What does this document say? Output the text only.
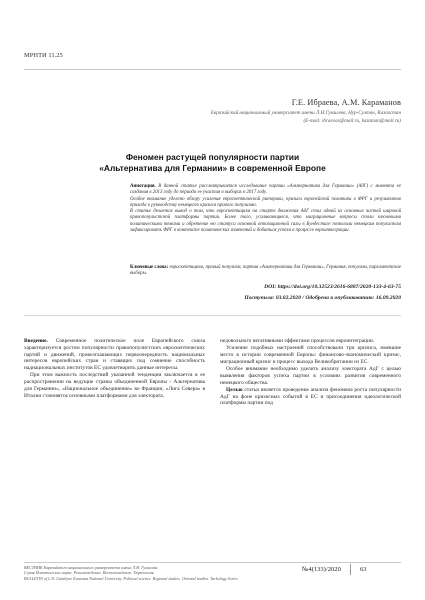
МРНТИ 11.25
Г.Е. Ибраева, А.М. Караманов
Евразийский национальный университет имени Л.Н.Гумилева, Нур-Султан, Казахстан
(E-mail: ibraevas@mail.ru, kazaman@mail.ru)
Феномен растущей популярности партии
«Альтернатива для Германии» в современной Европе
Аннотация. В данной статье рассматривается исследование партии «Альтернатива для Германии» (АдГ) с момента ее создания в 2013 году до периода ее участия в выборах в 2017 году.
Особое внимание уделено обзору усиления евроскептической риторики, кризиса европейской политики в ФРГ и результатов прихода к руководству немецкого кризиса правого популизма.
В статье делается вывод о том, что евроскептицизм на старте движения АдГ стал одной из основных частей широкой правопопулистской платформы партии. Более того, усиливающиеся, что миграционные вопросы стали ключевыми политическими темами и обретение ею статуса основной оппозиционной силы в Бундестаге позволили немецким популистам зафиксировать ФРГ в контексте политических изменений и добиться успеха в процессе евроинтеграции.
Ключевые слова: евроскептицизм, правый популизм, партия «Альтернатива для Германии», Германия, популизм, парламентские выборы.
DOI: https://doi.org/10.32523/2616-6887/2020-133-4-63-75
Поступила: 03.02.2020 / Одобрена к опубликованию: 16.09.2020

Введение. Современное политическое поле Европейского союза характеризуется ростом популярности правопопулистских евроскептических партий и движений, провозглашающих первоочередность национальных интересов европейских стран и ставящих под сомнение способность наднациональных институтов ЕС удовлетворить данные интересы.

При этом важность последствий указанной тенденции заключается в ее распространении на ведущие страны объединенной Европы - Альтернатива для Германии», «Национальное объединение» во Франции, «Лига Севера» в Италии становятся основными платформами для электората,

недовольного негативными эффектами процессов евроинтеграции.

Усиление подобных настроений способствовали три кризиса, имевшие место в истории современной Европы: финансово-экономический кризис, миграционный кризис и процесс выхода Великобритании из ЕС.

Особое внимание необходимо уделить анализу электората АдГ с целью выявления факторов успеха партии в условиях развития современного немецкого общества.

Целью статьи является проведение анализа феномена роста популярности АдГ на фоне кризисных событий в ЕС и присоединения идеологической платформы партии под

ВЕСТНИК Евразийского национального университета имени Л.Н. Гумилева.
Серия Политические науки. Регионоведение. Востоковедение. Тюркология.
BULLETIN of L.N. Gumilyov Eurasian National University. Political science. Regional studies. Oriental studies. Turkology Series
№4(133)/2020	63
